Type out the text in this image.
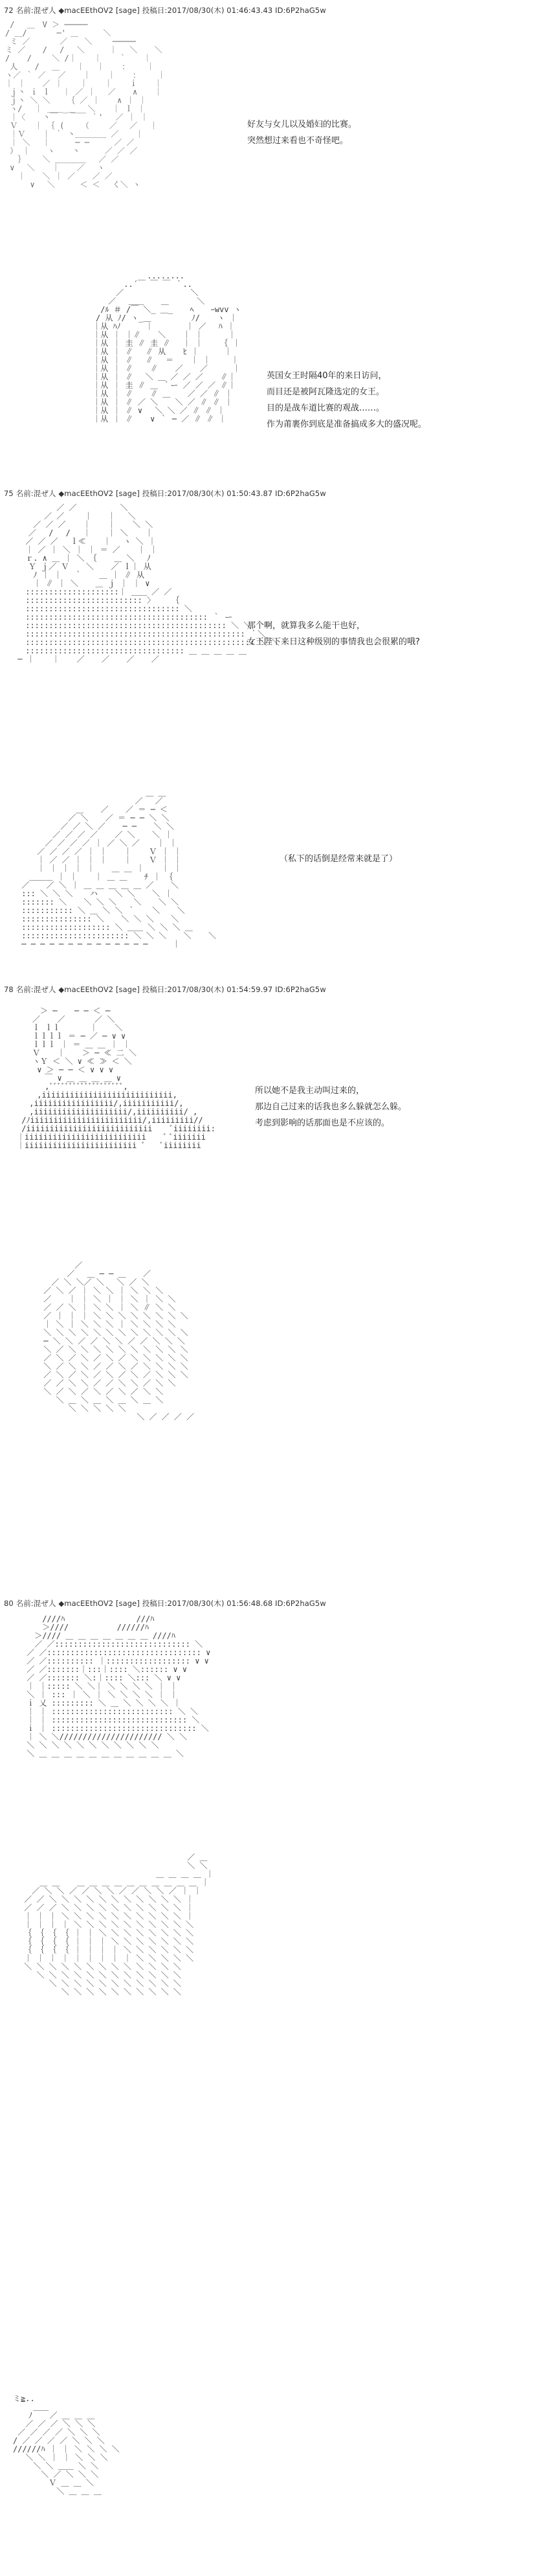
72 名前:混ぜ人 ◆macEEthOV2 [sage] 投稿日:2017/08/30(木) 01:46:43.43 ID:6P2haG5w
/　 ＿　V ＞ ─────
/ ＿/ 　 　 ─' ＿ 　　 ＼
ミ ／ 　 　 ／ 　 ＼　　 ─────
ミ ／ 　 /　 /　 ＼ 　　 ｜　 ＼ 　 ＼
/ 　 /　　 ＼ /｜ 　 ｜ 　 ｀ 　 ｜
人 　 /　 ＿ 　 ｜　 ｜ 　 ： 　 ｜
ヽ／ ｀ ／　 ／ 　 ｜ 　 ｜ 　 ： 　 ｜
｜ ｜ 　 ／ ｜ 　 ｜ 　 ｜ 　 ｉ 　 ｜
ｊ丶 ｉ ｌ　 ｜ ／ ｜ 　／ 　 ∧ 　 ｜
ｊ丶 ＼ ＼ 　 ｛ ／ ｜ 　 ∧ ｜ ｜
ヽ/　 ｜ ＿＿_＿　 ＼ 　 ｜ ｌ ｜
｜〈 　 丶￣ 　￣￣ ｀'　 ／ ｜ ｜
Ｖ 　 ｜ ｛ ( 　 （　　 ／ 　／ 　｜
｜Ｖ 　 ｜ ｀ 丶＿＿＿＿ ／ 　 ｜
｜ ＼　 ｜ 　　 ─ ─ 　　 ／ ／
） ｜ 　 ヽ 　 丶 　　 ／ ／ ／
　 ｝ 　 ＼ ＿＿＿＿　 ／ ／
∨　 ＼ 　 ｜ 　 ／　 ヽ
　 ｜ 　 ＼ ｜ ／ 　 ／ ／
　 　 ∨　 ＼　 　 ＜ ＜　 く＼ ヽ
好友与女儿以及婚妇的比赛。
突然想过来看也不奇怪吧。
　　　　　　　　　　 ........
　　　　　　　 ..´￣ ￣ ￣ ｀..
　　　　　　 ／ 　　　　　　　　＼
　　　　　 ／　 ＿＿ 　 ＿　　　 ＼
　　　　 /ﾙ ＃ /￣ ＼_ ＿_ 　 ﾍ 　 ｰwvv ヽ
　　　　/ 从 ﾉ/ ヽ_＿ 　　　　 ﾉ/ 　 ヽ ｜
　　 　｜从 ﾊﾉ 　　 ｜ 　　　 ｜ ／ 　ﾊ ｜
　　　 ｜从 ｜ ｜∥ 　 ＼ 　 ｜ ｜ 　　 ｜
　　　 ｜从 ｜ 圭 ∥ 圭 ∥　 ｜ ｜ 　 ｛ ｜
　　　 ｜从 ｜ ∥　 ∥ 从 　 ﾋ ｜　 　 ｜
　　　 ｜从 ｜ ∥　 ∥　 ＝ 　 ｜ ｜　　 ｜
　　 　｜从 ｜ ∥ 　 ∥ 　 ／ 　 ／ 　　 ｜
　　　 ｜从 ｜ ∥　 ＼ ＿ ／ ／ ／ 　 ∥｜
　　　 ｜从 ｜ 圭 ∥ ＿ ｀ー ／ ／ ／ ∥｜
　　　 ｜从 ｜ ∥ 　 ∥ ＿ 　 ／ ／ ∥ ｜
　　　 ｜从 ｜ ∥ ／ ＼ 　 ＼ ／ ∥ ∥ ｜
　　　 ｜从 ｜ ∥ ∨　 ＼ ＼ ／ ∥ ∥ ｜
　　　 ｜从 ｜ ∥ 　 ∨ ｀ ─ ／ ∥ ∥ ｜
英国女王时隔40年的来日访问，
而目还是被阿瓦隆选定的女王。
目的是战车道比赛的观战……。
作为莆裹你到底是准备搞成多大的盛况呢。
75 名前:混ぜ人 ◆macEEthOV2 [sage] 投稿日:2017/08/30(木) 01:50:43.87 ID:6P2haG5w
　　　　　　 ／ ／　　　　　 ＼
　　　　　／ ／ 　　｜　　｜ 　＼
　　　 ／ ／ ／ 　 ｜ 　 ｜ 　 ＼ ＼
　　　／ 　/　 /　 ｜ 　 ｜ ＼ 　 ｜
　　 ／ ／ ／　 ｌ≪ 　 ｜ 　ヽ ＼ ｜
　　 ｜ ／ ｜ ＼ ｜ ｜ ＝ ／ 　 ｜ ｜
　　 ｒ. ∧ ＿ ｜ ＼ ｛ 　 ＿ ＼ 　ﾉ
　　　Ｙ ｊ／ Ｖ 　 ＼ 　 ／ ｌ｜ 从
　　　 ﾉ ｜ ｜　 ｀ 　 ＿ ｜ ∥ 从
　　　 ｜ ∥ ｜ ＼ 　 ＿ ｊ ｜ ｜ ∨
　　 ::::::::::::::::::::｜ ＿＿ ／ ／
　　 ::::::::::::::::::::::::: 〉 　 ｛
　　 ::::::::::::::::::::::::::::::::: ＼
　　 ::::::::::::::::::::::::::::::::::::::: ｀ ー
　　 ::::::::::::::::::::::::::::::::::::::::::: ＼ ＼
　　 ::::::::::::::::::::::::::::::::::::::::::::::: ｀＼
　　 ::::::::::::::::::::::::::::::::::::::::::::::::: ＼ ＼
　　 :::::::::::::::::::::::::::::::::: ＿ ＿ ＿ ＿ ＿
　 ─ ｜ 　 ｜ 　 ／ 　 ／ 　 ／ 　 ／
那个啊，就算我多么能干也好，
女王陛下来日这种级别的事情我也会很累的哦?
　　　　　　　　　　　　　　　　　 ＿ ＿
　　　　　　 　　　　　　　　　 ／　 ／
　　　　　　　　 ＿ 　 ／ 　 ／ ＝ ─ ＜
　　　　　　　 ／ ＼ 　 ／ ＝ ─ ─ ＼ ＼
　　　　　　 ／ ／ ＼ ／ 　 ─ ─ 　 ＼ ＼
　　　　　 ／ ／ ／ ／ 　 ／ ＼ 　 ＼ ｜
　　　　 ／ ／ ／ ／ ｜ ／ ＼ ／ 　 ｜ ｜
　　　 ／ ／ ／ ／ ｜ ｜ 　 ｜ 　 Ｖ ｜ ｜
　　　 ｜ ／ ／ ｜ ｜ ｜ 　 ｜ 　 Ｖ ｜ ｜
　　　 ｜ ｜ ｜ ｜ ｜ 　 ＿ ＿ ｜ 　 ｜ ｜
　　 ＿＿＿ ｜ ｜ 　 ｜ ＿ ＿ 　 ﾁ ｜ ｛
　 ／ 　 ／ ＼ ｜ ＿ ＿ ＿ ＿ ＿ ／ 　 ＼
　 ::: ＼ ＼ ＼ 　 ハ 　 ＼ ＼ 　 ＼ ｜
　 ::::::: ＼ 　 ＼ ＼ ＼ 　 ＼ 　 ＼ ＼
　 ::::::::::: ＼ ＿ ＼ ＼ ｀ 　 ＼ 　 ＼
　 ::::::::::::::: ＼ 　 ＼ ＼ ＼ 　 ＼
　 ::::::::::::::::::: ＼ ＿＿ ＼ ＼ ＼ ＿
　 ::::::::::::::::::::::: ＼ ＼ ＼ 　 ＼ 　 ＼
　 ─ ─ ─ ─ ─ ─ ─ ─ ─ ─ ─ ─ ─ ─ 　　 ｜
（私下的话倒是经常来就是了）
78 名前:混ぜ人 ◆macEEthOV2 [sage] 投稿日:2017/08/30(木) 01:54:59.97 ID:6P2haG5w
　　　　＞ ─ 　 ─ ─ ＜ ─
　　　／ 　 ／ 　 　 ／ ＼
　　　ｌ ｌｌ 　 　 ｜ 　 ＼
　　　ｌｌｌｌ ＝ ─ ／ ─ ∨ ∨
　　　ｌｌｌ ｜ ＝ ＿ ＿ ｜ ｜
　　　Ｖ 　 ｜ 　 ＞ ─ ≪ 二 ＼
　　　ヽＹ ＜ ＼ ∨ ≪ ≫ ＜ ＼
　　　 ∨ ＞ ─ ─ ＜ ∨ ∨ ∨
　　　　 ￣ ∨ ＿ ＿ ＿ ＿ ∨
　　　　 ,ﾞﾞﾞﾞﾞﾞﾞﾞﾞﾞﾞﾞﾞﾞﾞﾞﾞﾞﾞ,
　　　 ,iiiiiiiiiiiiiiiiiiiiiiiiiiii,
　　 ,iiiiiiiiiiiiiiiii/,iiiiiiiiiii/,
　　 ,iiiiiiiiiiiiiiiiiiii/,iiiiiiiiii/ ,
　 /ﾉiiiiiiiiiiiiiiiiiiiiiiii/,iiiiiiiii//
　 /iiiiiiiiiiiiiiiiiiiiiiiiiii 　 ﾞiiiiiiii:
　｜iiiiiiiiiiiiiiiiiiiiiiiiii 　 ﾞ ﾞiiiiiii
　｜iiiiiiiiiiiiiiiiiiiiiiii ﾞ 　 ﾞiiiiiiii
所以她不是我主动叫过来的，
那边自己过来的话我也多么躲就怎么躲。
考虑到影响的话那面也是不应该的。
　　　　　 ／
　　　　 ／　 ＿ ─ ─ ＿ 　 ／
　　 ／ ＼ ＼／ ＼　 ＼ ／ ＼
　 ／ ＼ ／ ｜ ＼ ＼ ｜ ＼ ＼ ＼
　 ／ 　 ｜ ｜ ＼ ｜ ｜ ＼ ｜ ＼ ＼
　 ／ ／ ＼ ｜ ＼ ＼ ｜ ＼ ∥ ＼ ＼
　 ／ ｜ ｜ ｜ ＼ ＼ ＼ ＼ ＼ ＼ ＼ ＼
　 ｜ ＼ ｜ ＼ ＼ ＼ ｜ ＼ ＼ ＼ ＼
　 ＼ ＼ ＼ ＼ ＼ ＼ ＼ ＼ ＼ ＼ ＼ ＼
　 ─ ＼ ＼ ／ ／ ＼ ＼ ／ ／ ＼ ＼ ＼
　 ＼ ／ ＼ ＼ ＼ ＼ ＼ ＼ ＼ ＼ ＼ ＼
　 ／ ＼ ／ ＼ ／ ＼ ／ ＼ ＼ ＼ ＼ ＼
　 ＼ ／ ＼ ＼ ／ ／ ＼ ／ ＼ ＼ ＼ ＼
　 ／ ＼ ／ ＼ ／ ＼ ／ ＼ ／ ＼ ＼ ＼
　 ／ ／ ＼ ＼ ／ ／ ＼ ＼ ／ ＼ ＼
　 ＼ ／ ＼ ／ ＼ ／ ＼ ／ ＼ ＼
　 　 ＼ ＿ ＼ ＿ ＼ ＿ ＼ ＿ ＼
　 　 　 ＼ ＼ ＼ ＼ ＼
　　　　　　　　　　　　　 ＼ ／ ／ ／ ／
80 名前:混ぜ人 ◆macEEthOV2 [sage] 投稿日:2017/08/30(木) 01:56:48.68 ID:6P2haG5w
　　　 ////ﾊ 　　　　　　　　 ///ﾊ
　　　 ＞//// 　　　　　 //////ﾊ
　　 ＞//// ＿ ＿ ＿ ＿ ＿ ＿ ＿ ////ﾊ
　　 ／ ／::::::::::::::::::::::::::::: ＼
　 ／ ／::::::::::::::::::::::::::::::::: ∨
　 ／ ／:::::::::: ｜:::::::::::::::::: ∨ ∨
　 ／ ／:::::::｜:::｜:::: ＼:::::: ∨ ∨
　 ／ ／::::::: ＼:｜:::: ＼::: ＼ ∨ ∨
　 ｜ ｜::::: ＼ ＼｜ ＼ ＼ ＼ ＼ ｜ ｜
　 ＼ ｜ ::: ｜ ＼ ｜ ＼ ＼ ＼ ＼ ｜ ｜
　 ｉ 乂 ::::::::: ＼ ＿ ＼ ＼ ＼ ＼ ｜
　 ｜ ｜ :::::::::::::::::::::::::: ＼ ＼
　 ｜ ｜ ::::::::::::::::::::::::::::: ＼
　 ｉ ｜ ::::::::::::::::::::::::::::::: ＼
　 ｜ ＼ ＼////////////////////// ＼ ＼
　 ＼ ＼ ＼ ＼ ＼ ＼ ＼ ＼ ＼ ＼ ＼
　 ＼ ＿ ＿ ＿ ＿ ＿ ＿ ＿ ＿ ＿ ＿ ＿ ＼
　　　　　　　　　　　　　　　　　　　　　　 ／ ＿
　　　　　　　　　　　　　　　　　　　　　　 ＼ ＼
　　　　　　　　　　　　　　　　　　 ＿ ＿ ＿ ＿ ｜
　　　 ＿ ＿ 　 ＿ ＿ ＿ ＿ ＿ ＿ ＿ ＿ ＿ ＿ ｜
　　 ／ ＼ ＼ ／ ／ ＼ ＼ ／ ／ ＼ ＼ ／ ｜ ｜
　 ／ ／ ＼ ＼ ＼ ＼ ＼ ＼ ＼ ＼ ＼ ＼ ＼ ｜
　 ／ ／ ／ ＼ ＼ ＼ ＼ ＼ ＼ ＼ ＼ ＼ ＼ ｜
　 ｜ ｜ ｜ ＼ ＼ ＼ ＼ ＼ ＼ ＼ ＼ ＼ ＼ ｜
　 ｜ ｜ ｜ ｜ ＼ ＼ ＼ ＼ ＼ ＼ ＼ ＼ ＼ ＼
　 ｛ ｛ ｛ ｛ ｜ ｜ ＼ ＼ ＼ ＼ ＼ ＼ ＼ ＼
　 ｛ ｛ ｛ ｛ ｜ ｜ ｜ ＼ ＼ ＼ ＼ ＼ ＼ ＼
　 ｛ ｛ ｛ ｛ ｜ ｜ ｜ ｜ ＼ ＼ ＼ ＼ ＼ ＼
　 ｜ ｜ ｜ ｜ ｜ ｜ ｜ ｜ ｜ ＼ ＼ ＼ ＼ ＼
　 ＼ ＼ ＼ ＼ ＼ ＼ ＼ ＼ ＼ ＼ ＼ ＼ ＼
　 　 ＼ ＼ ＼ ＼ ＼ ＼ ＼ ＼ ＼ ＼ ＼ ＼
　 　 　 ＼ ＼ ＼ ＼ ＼ ＼ ＼ ＼ ＼ ＼ ＼
　 　 　 　 ＼ ＼ ＼ ＼ ＼ ＼ ＼ ＼ ＼ ＼
　ミ≧..
　　　 ＿＿
　　　ﾉ 　 ／ ＿ ＿ ＿
　　 ／ ／ ／ ＼ ＼ ＼
　 ／ ／ ／ ／ ＼ ＼ ＼
　/ ／ ／ ／ ／ ＼ ＼ ＼
　//////ﾊ ｜ ｜ ＼ ＼ ＼ ＼
　　 ＼ ＼ ｜ ｜ ＼ ＼ ＼
　　　 ＼ ＼ ＿＿ ＼ ＼
　　　　 ＼ ／ ＼ ＼ ＼
　　　　　 Ｖ ＿ ＿ ＼
　　　　　　 ＼ ＿ ＿ ＿
